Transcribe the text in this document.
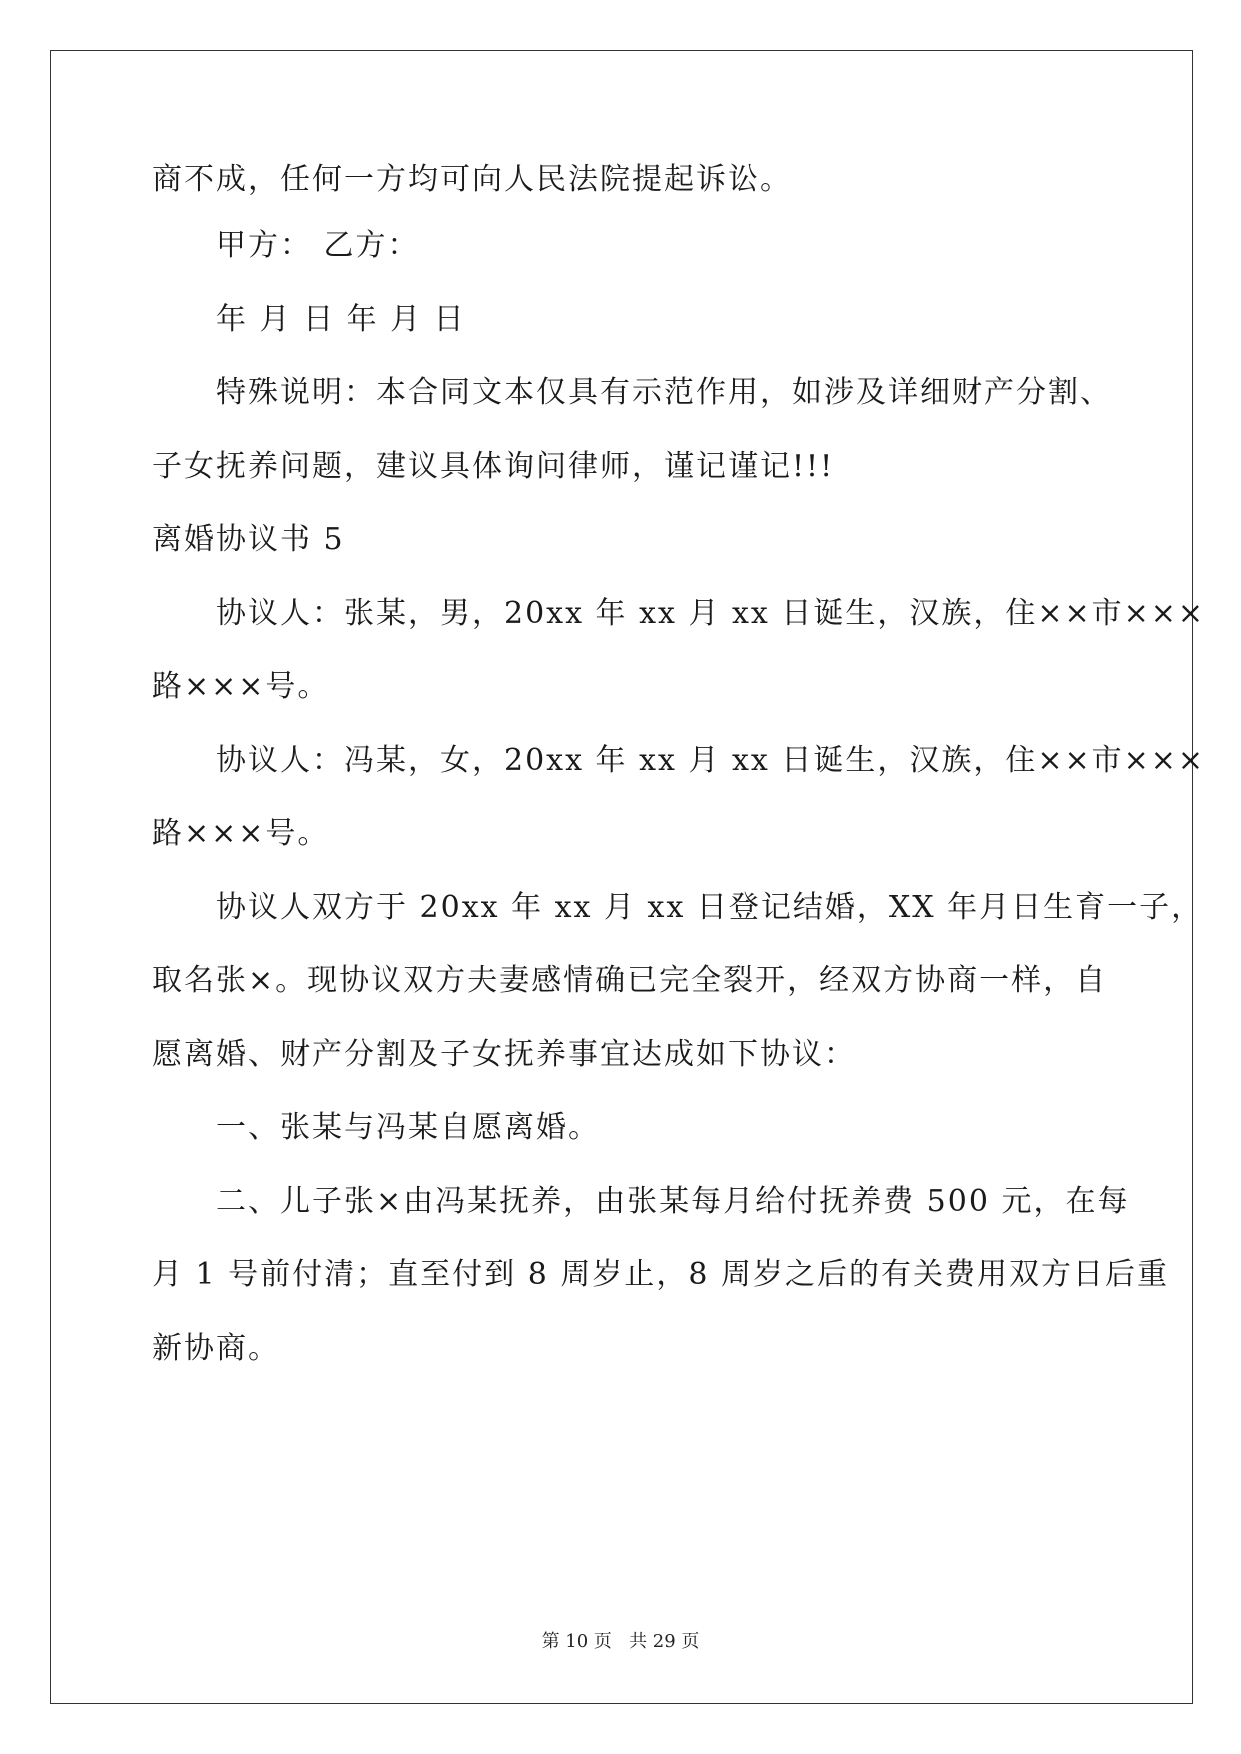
商不成，任何一方均可向人民法院提起诉讼。
甲方： 乙方：
年 月 日 年 月 日
特殊说明：本合同文本仅具有示范作用，如涉及详细财产分割、
子女抚养问题，建议具体询问律师，谨记谨记!!!
离婚协议书 5
协议人：张某，男，20xx 年 xx 月 xx 日诞生，汉族，住××市×××
路×××号。
协议人：冯某，女，20xx 年 xx 月 xx 日诞生，汉族，住××市×××
路×××号。
协议人双方于 20xx 年 xx 月 xx 日登记结婚，XX 年月日生育一子，
取名张×。现协议双方夫妻感情确已完全裂开，经双方协商一样，自
愿离婚、财产分割及子女抚养事宜达成如下协议：
一、张某与冯某自愿离婚。
二、儿子张×由冯某抚养，由张某每月给付抚养费 500 元，在每
月 1 号前付清；直至付到 8 周岁止，8 周岁之后的有关费用双方日后重
新协商。
第 10 页   共 29 页
